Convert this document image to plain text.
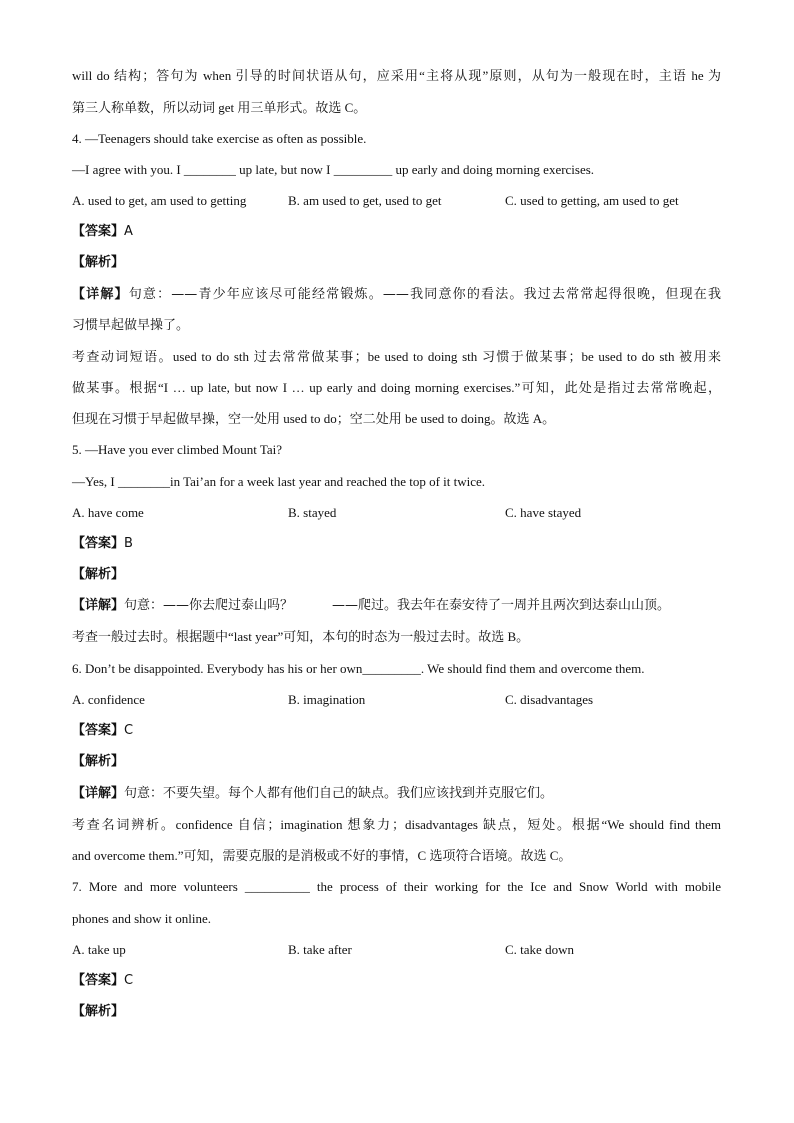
will do 结构；答句为 when 引导的时间状语从句，应采用“主将从现”原则，从句为一般现在时，主语 he 为
第三人称单数，所以动词 get 用三单形式。故选 C。
4. —Teenagers should take exercise as often as possible.
—I agree with you. I ________ up late, but now I _________ up early and doing morning exercises.
A. used to get, am used to getting	B. am used to get, used to get	C. used to getting, am used to get
【答案】A
【解析】
【详解】句意：——青少年应该尽可能经常锻炼。——我同意你的看法。我过去常常起得很晚，但现在我
习惯早起做早操了。
考查动词短语。used to do sth 过去常常做某事；be used to doing sth 习惯于做某事；be used to do sth 被用来
做某事。根据“I … up late, but now I … up early and doing morning exercises.”可知，此处是指过去常常晚起，
但现在习惯于早起做早操，空一处用 used to do；空二处用 be used to doing。故选 A。
5. —Have you ever climbed Mount Tai?
—Yes, I ________in Tai’an for a week last year and reached the top of it twice.
A. have come	B. stayed	C. have stayed
【答案】B
【解析】
【详解】句意：——你去爬过泰山吗？　　　——爬过。我去年在泰安待了一周并且两次到达泰山山顶。
考查一般过去时。根据题中“last year”可知，本句的时态为一般过去时。故选 B。
6. Don’t be disappointed. Everybody has his or her own_________. We should find them and overcome them.
A. confidence	B. imagination	C. disadvantages
【答案】C
【解析】
【详解】句意：不要失望。每个人都有他们自己的缺点。我们应该找到并克服它们。
考查名词辨析。confidence 自信；imagination 想象力；disadvantages 缺点，短处。根据“We should find them
and overcome them.”可知，需要克服的是消极或不好的事情，C 选项符合语境。故选 C。
7. More and more volunteers __________ the process of their working for the Ice and Snow World with mobile
phones and show it online.
A. take up	B. take after	C. take down
【答案】C
【解析】
